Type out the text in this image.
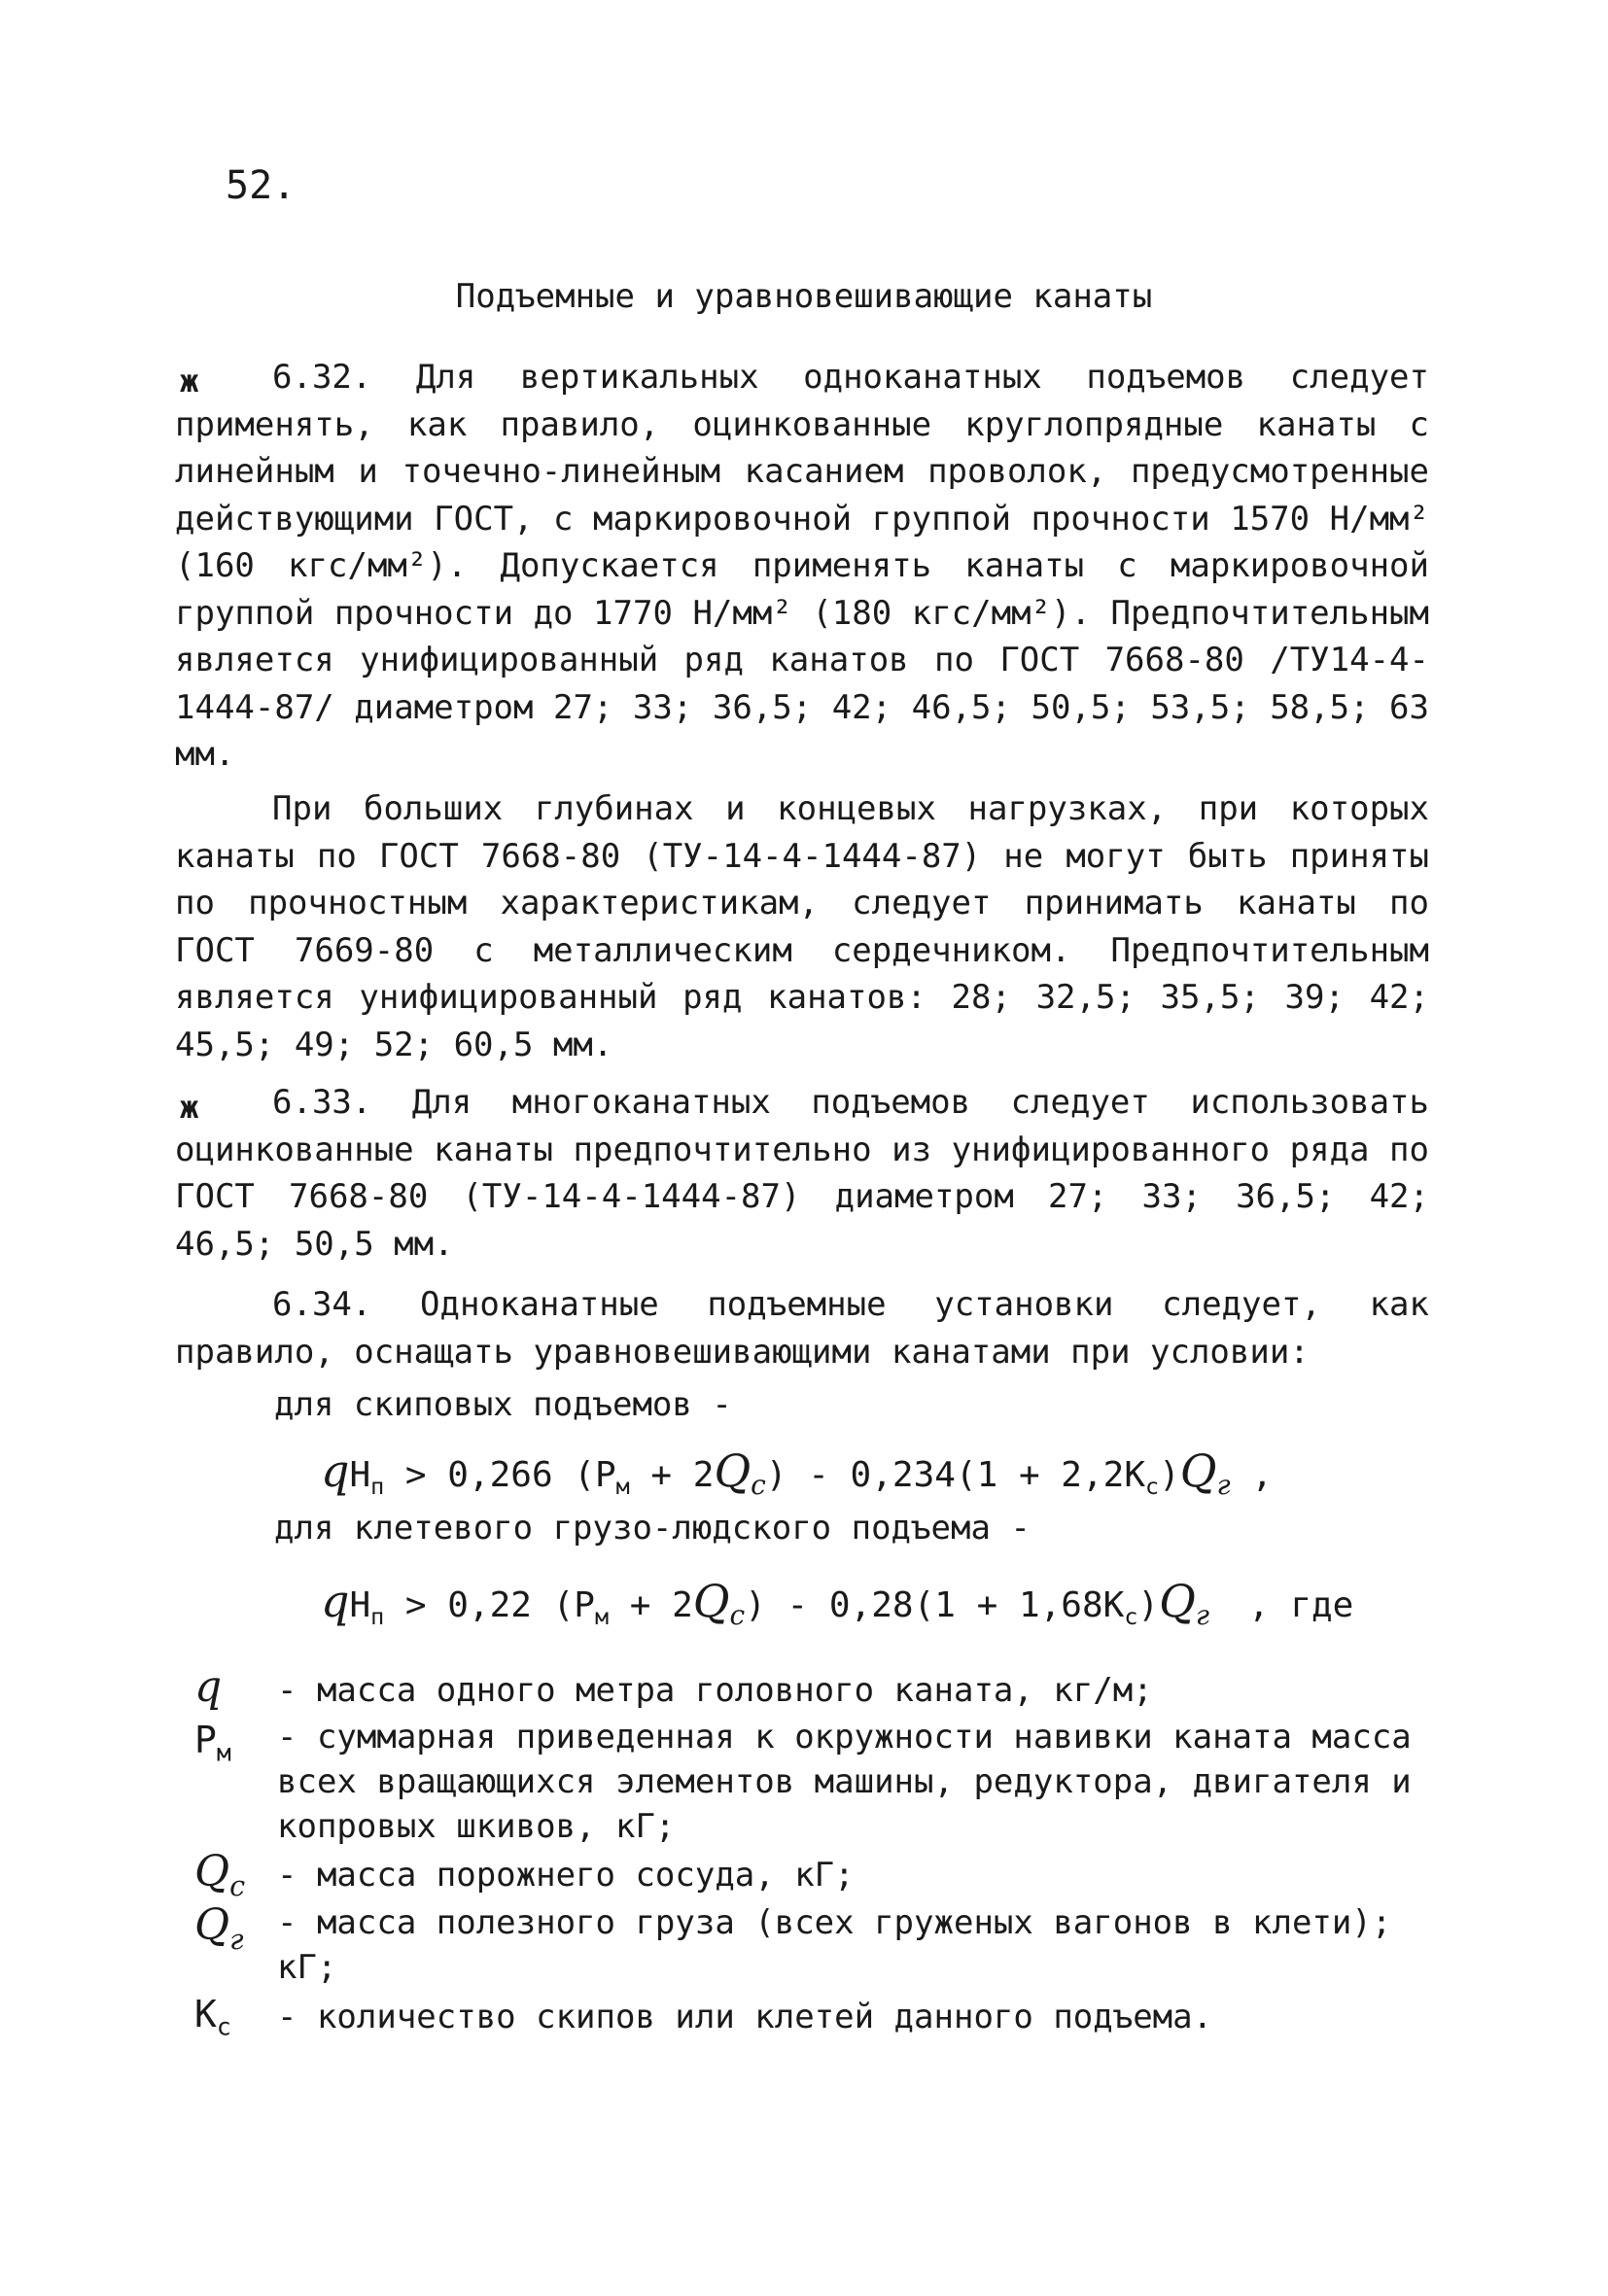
52.
Подъемные и уравновешивающие канаты
ж	6.32. Для вертикальных одноканатных подъемов следует применять, как правило, оцинкованные круглопрядные канаты с линейным и точечно-линейным касанием проволок, предусмотренные действующими ГОСТ, с маркировочной группой прочности 1570 Н/мм² (160 кгс/мм²). Допускается применять канаты с маркировочной группой прочности до 1770 Н/мм² (180 кгс/мм²). Предпочтительным является унифицированный ряд канатов по ГОСТ 7668-80 /ТУ14-4-1444-87/ диаметром 27; 33; 36,5; 42; 46,5; 50,5; 53,5; 58,5; 63 мм.

При больших глубинах и концевых нагрузках, при которых канаты по ГОСТ 7668-80 (ТУ-14-4-1444-87) не могут быть приняты по прочностным характеристикам, следует принимать канаты по ГОСТ 7669-80 с металлическим сердечником. Предпочтительным является унифицированный ряд канатов: 28; 32,5; 35,5; 39; 42; 45,5; 49; 52; 60,5 мм.

ж	6.33. Для многоканатных подъемов следует использовать оцинкованные канаты предпочтительно из унифицированного ряда по ГОСТ 7668-80 (ТУ-14-4-1444-87) диаметром 27; 33; 36,5; 42; 46,5; 50,5 мм.

6.34. Одноканатные подъемные установки следует, как правило, оснащать уравновешивающими канатами при условии:

для скиповых подъемов -
$qH_п > 0,266$ $(P_м + 2Q_c) - 0,234(1 + 2,2K_c)Q_г$ ,
для клетевого грузо-людского подъема -
$qH_п > 0,22$ $(P_м + 2Q_c) - 0,28(1 + 1,68K_c)Q_г$ , где
q - масса одного метра головного каната, кг/м;

$P_м$ - суммарная приведенная к окружности навивки каната масса всех вращающихся элементов машины, редуктора, двигателя и копровых шкивов, кГ;

$Q_c$ - масса порожнего сосуда, кГ;

$Q_г$ - масса полезного груза (всех груженых вагонов в клети); кГ;

$K_c$ - количество скипов или клетей данного подъема.
